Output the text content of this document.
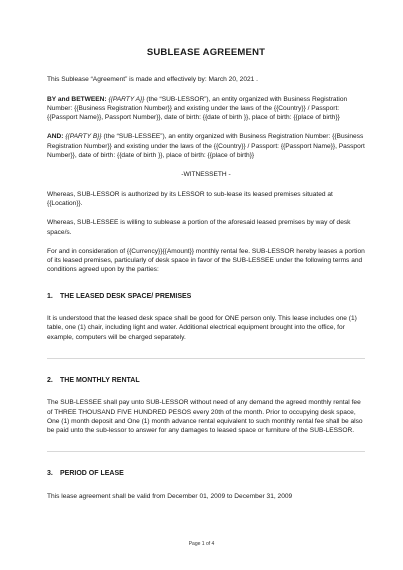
SUBLEASE AGREEMENT

This Sublease “Agreement” is made and effectively by: March 20, 2021 .

BY and BETWEEN: {{PARTY A}} (the “SUB-LESSOR”), an entity organized with Business Registration Number: {{Business Registration Number}} and existing under the laws of the {{Country}} / Passport: {{Passport Name}}, Passport Number}}, date of birth: {{date of birth }}, place of birth: {{place of birth}}

AND: {{PARTY B}} (the “SUB-LESSEE”), an entity organized with Business Registration Number: {{Business Registration Number}} and existing under the laws of the {{Country}} / Passport: {{Passport Name}}, Passport Number}}, date of birth: {{date of birth }}, place of birth: {{place of birth}}

-WITNESSETH -

Whereas, SUB-LESSOR is authorized by its LESSOR to sub-lease its leased premises situated at {{Location}}.

Whereas, SUB-LESSEE is willing to sublease a portion of the aforesaid leased premises by way of desk space/s.

For and in consideration of {{Currency}}{{Amount}} monthly rental fee. SUB-LESSOR hereby leases a portion of its leased premises, particularly of desk space in favor of the SUB-LESSEE under the following terms and conditions agreed upon by the parties:

1.	THE LEASED DESK SPACE/ PREMISES

It is understood that the leased desk space shall be good for ONE person only. This lease includes one (1) table, one (1) chair, including light and water. Additional electrical equipment brought into the office, for example, computers will be charged separately.

2.	THE MONTHLY RENTAL

The SUB-LESSEE shall pay unto SUB-LESSOR without need of any demand the agreed monthly rental fee of THREE THOUSAND FIVE HUNDRED PESOS every 20th of the month. Prior to occupying desk space, One (1) month deposit and One (1) month advance rental equivalent to such monthly rental fee shall be also be paid unto the sub-lessor to answer for any damages to leased space or furniture of the SUB-LESSOR.

3.	PERIOD OF LEASE

This lease agreement shall be valid from December 01, 2009 to December 31, 2009

Page 1 of 4
